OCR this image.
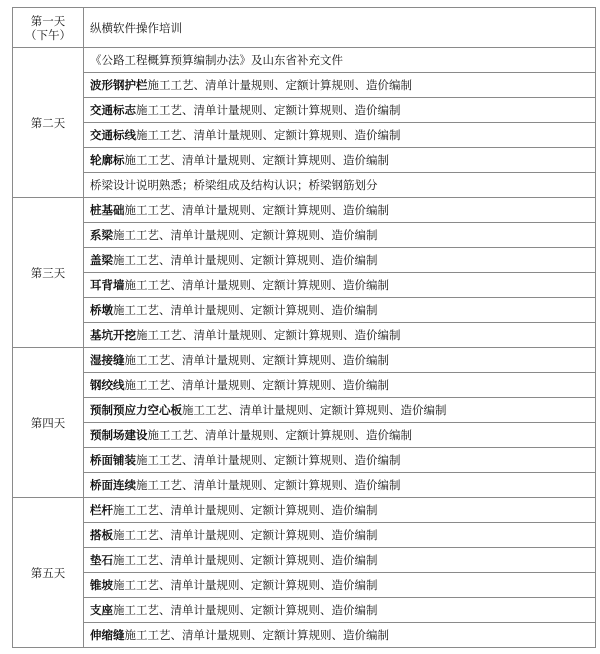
第一天
（下午）	纵横软件操作培训
第二天	《公路工程概算预算编制办法》及山东省补充文件
	波形钢护栏施工工艺、清单计量规则、定额计算规则、造价编制
	交通标志施工工艺、清单计量规则、定额计算规则、造价编制
	交通标线施工工艺、清单计量规则、定额计算规则、造价编制
	轮廓标施工工艺、清单计量规则、定额计算规则、造价编制
	桥梁设计说明熟悉；桥梁组成及结构认识；桥梁钢筋划分
第三天	桩基础施工工艺、清单计量规则、定额计算规则、造价编制
	系梁施工工艺、清单计量规则、定额计算规则、造价编制
	盖梁施工工艺、清单计量规则、定额计算规则、造价编制
	耳背墙施工工艺、清单计量规则、定额计算规则、造价编制
	桥墩施工工艺、清单计量规则、定额计算规则、造价编制
	基坑开挖施工工艺、清单计量规则、定额计算规则、造价编制
第四天	湿接缝施工工艺、清单计量规则、定额计算规则、造价编制
	钢绞线施工工艺、清单计量规则、定额计算规则、造价编制
	预制预应力空心板施工工艺、清单计量规则、定额计算规则、造价编制
	预制场建设施工工艺、清单计量规则、定额计算规则、造价编制
	桥面铺装施工工艺、清单计量规则、定额计算规则、造价编制
	桥面连续施工工艺、清单计量规则、定额计算规则、造价编制
第五天	栏杆施工工艺、清单计量规则、定额计算规则、造价编制
	搭板施工工艺、清单计量规则、定额计算规则、造价编制
	垫石施工工艺、清单计量规则、定额计算规则、造价编制
	锥坡施工工艺、清单计量规则、定额计算规则、造价编制
	支座施工工艺、清单计量规则、定额计算规则、造价编制
	伸缩缝施工工艺、清单计量规则、定额计算规则、造价编制
